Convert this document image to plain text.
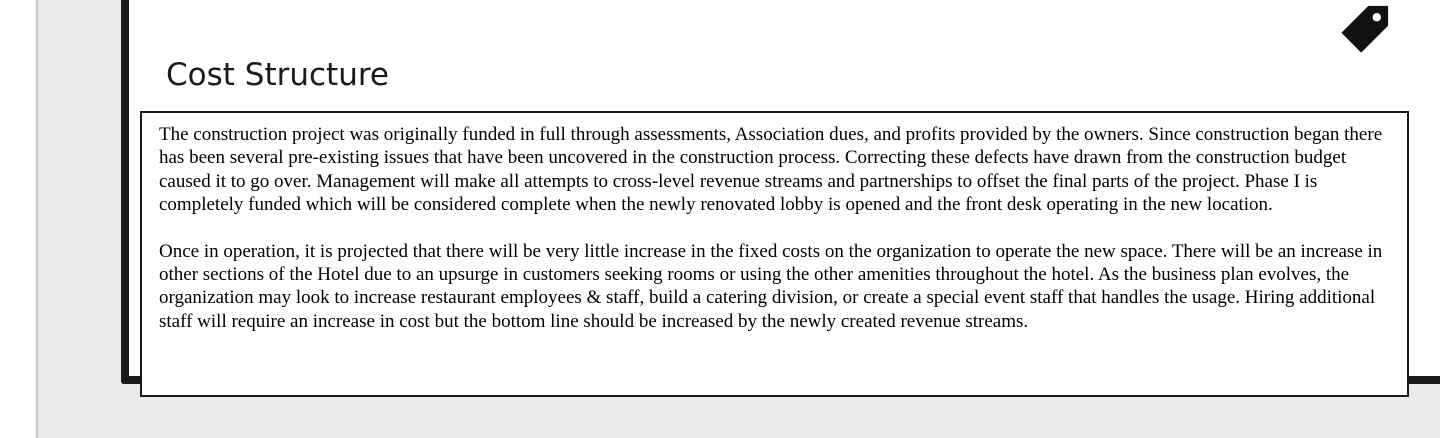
Cost Structure

The construction project was originally funded in full through assessments, Association dues, and profits provided by the owners. Since construction began there has been several pre-existing issues that have been uncovered in the construction process. Correcting these defects have drawn from the construction budget caused it to go over. Management will make all attempts to cross-level revenue streams and partnerships to offset the final parts of the project. Phase I is completely funded which will be considered complete when the newly renovated lobby is opened and the front desk operating in the new location.

Once in operation, it is projected that there will be very little increase in the fixed costs on the organization to operate the new space. There will be an increase in other sections of the Hotel due to an upsurge in customers seeking rooms or using the other amenities throughout the hotel. As the business plan evolves, the organization may look to increase restaurant employees & staff, build a catering division, or create a special event staff that handles the usage. Hiring additional staff will require an increase in cost but the bottom line should be increased by the newly created revenue streams.
